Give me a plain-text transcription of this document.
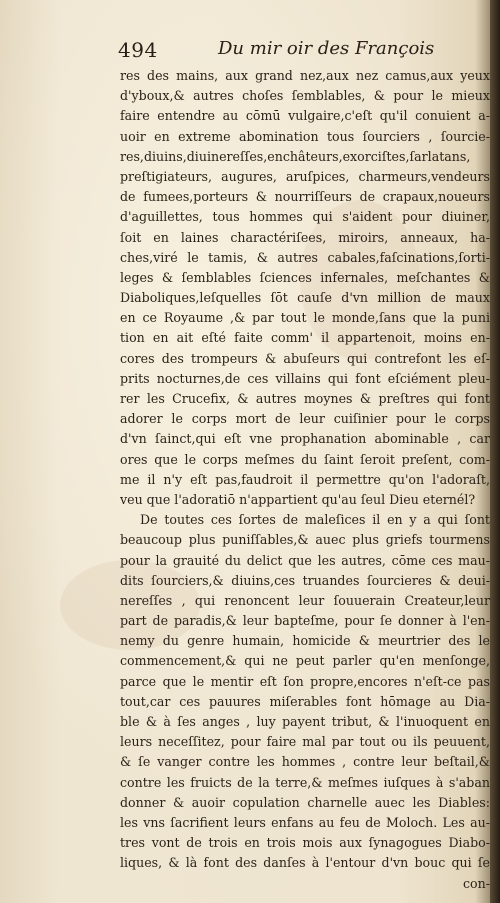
494	Du mir oir des François
res des mains, aux grand nez,aux nez camus,aux yeux
d'yboux,& autres choſes ſemblables, & pour le mieux
faire entendre au cōmū vulgaire,c'eſt qu'il conuient a-
uoir en extreme abomination tous ſourciers , ſourcie-
res,diuins,diuinereſſes,enchâteurs,exorciſtes,ſarlatans,
preſtigiateurs, augures, aruſpices, charmeurs,vendeurs
de fumees,porteurs & nourriſſeurs de crapaux,noueurs
d'aguillettes, tous hommes qui s'aident pour diuiner,
ſoit en laines charactériſees, miroirs, anneaux, ha-
ches,viré le tamis, & autres cabales,faſcinations,ſorti-
leges & ſemblables ſciences infernales, meſchantes &
Diaboliques,leſquelles ſōt cauſe d'vn million de maux
en ce Royaume ,& par tout le monde,ſans que la puni
tion en ait eſté faite comm' il appartenoit, moins en-
cores des trompeurs & abuſeurs qui contrefont les eſ-
prits nocturnes,de ces villains qui font eſciément pleu-
rer les Crucefix, & autres moynes & preſtres qui font
adorer le corps mort de leur cuiſinier pour le corps
d'vn ſainct,qui eſt vne prophanation abominable , car
ores que le corps meſmes du ſaint ſeroit preſent, com-
me il n'y eſt pas,faudroit il permettre qu'on l'adoraſt,
veu que l'adoratiō n'appartient qu'au ſeul Dieu eternél?
De toutes ces ſortes de maleſices il en y a qui ſont
beaucoup plus puniſſables,& auec plus griefs tourmens
pour la grauité du delict que les autres, cōme ces mau-
dits ſourciers,& diuins,ces truandes ſourcieres & deui-
nereſſes , qui renoncent leur ſouuerain Createur,leur
part de paradis,& leur bapteſme, pour ſe donner à l'en-
nemy du genre humain, homicide & meurtrier des le
commencement,& qui ne peut parler qu'en menſonge,
parce que le mentir eſt ſon propre,encores n'eſt-ce pas
tout,car ces pauures miſerables font hōmage au Dia-
ble & à ſes anges , luy payent tribut, & l'inuoquent en
leurs neceſſitez, pour faire mal par tout ou ils peuuent,
& ſe vanger contre les hommes , contre leur beſtail,&
contre les fruicts de la terre,& meſmes iuſques à s'aban
donner & auoir copulation charnelle auec les Diables:
les vns ſacrifient leurs enfans au feu de Moloch. Les au-
tres vont de trois en trois mois aux ſynagogues Diabo-
liques, & là font des danſes à l'entour d'vn bouc qui ſe
con-
